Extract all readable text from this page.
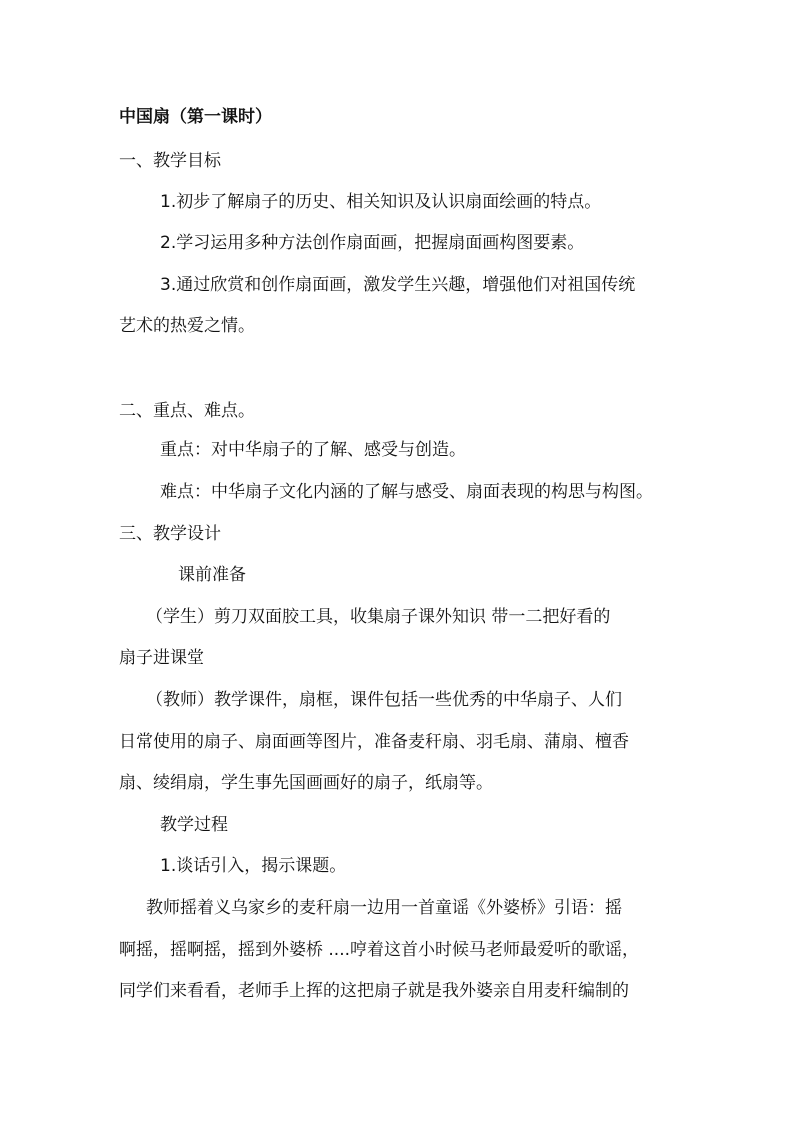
中国扇（第一课时）
一、教学目标
1.初步了解扇子的历史、相关知识及认识扇面绘画的特点。
2.学习运用多种方法创作扇面画，把握扇面画构图要素。
3.通过欣赏和创作扇面画，激发学生兴趣，增强他们对祖国传统
艺术的热爱之情。
二、重点、难点。
重点：对中华扇子的了解、感受与创造。
难点：中华扇子文化内涵的了解与感受、扇面表现的构思与构图。
三、教学设计
课前准备
（学生）剪刀双面胶工具，收集扇子课外知识 带一二把好看的
扇子进课堂
（教师）教学课件，扇框，课件包括一些优秀的中华扇子、人们
日常使用的扇子、扇面画等图片，准备麦秆扇、羽毛扇、蒲扇、檀香
扇、绫绢扇，学生事先国画画好的扇子，纸扇等。
教学过程
1.谈话引入，揭示课题。
教师摇着义乌家乡的麦秆扇一边用一首童谣《外婆桥》引语：摇
啊摇，摇啊摇，摇到外婆桥 ....哼着这首小时候马老师最爱听的歌谣，
同学们来看看，老师手上挥的这把扇子就是我外婆亲自用麦秆编制的
